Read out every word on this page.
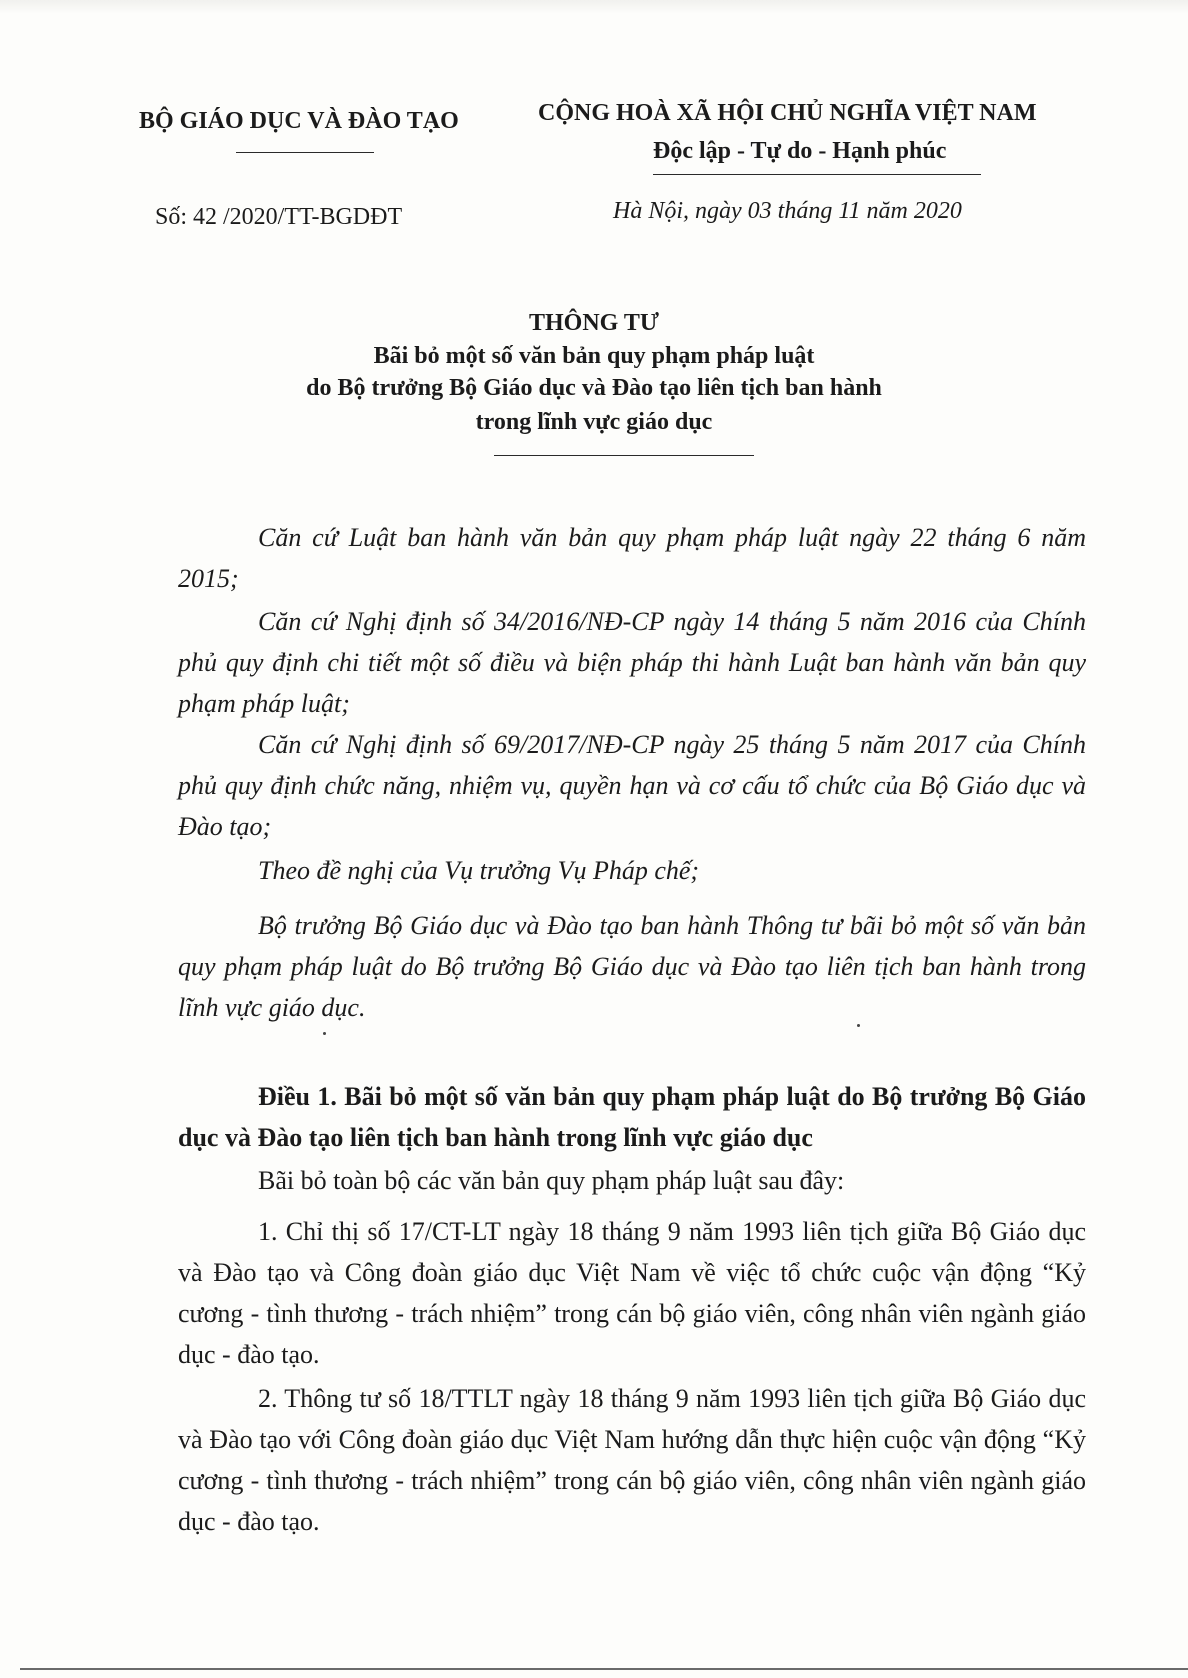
BỘ GIÁO DỤC VÀ ĐÀO TẠO	CỘNG HOÀ XÃ HỘI CHỦ NGHĨA VIỆT NAM
Độc lập - Tự do - Hạnh phúc
Số: 42 /2020/TT-BGDĐT	Hà Nội, ngày 03 tháng 11 năm 2020
THÔNG TƯ
Bãi bỏ một số văn bản quy phạm pháp luật
do Bộ trưởng Bộ Giáo dục và Đào tạo liên tịch ban hành
trong lĩnh vực giáo dục
Căn cứ Luật ban hành văn bản quy phạm pháp luật ngày 22 tháng 6 năm 2015;
Căn cứ Nghị định số 34/2016/NĐ-CP ngày 14 tháng 5 năm 2016 của Chính phủ quy định chi tiết một số điều và biện pháp thi hành Luật ban hành văn bản quy phạm pháp luật;
Căn cứ Nghị định số 69/2017/NĐ-CP ngày 25 tháng 5 năm 2017 của Chính phủ quy định chức năng, nhiệm vụ, quyền hạn và cơ cấu tổ chức của Bộ Giáo dục và Đào tạo;
Theo đề nghị của Vụ trưởng Vụ Pháp chế;
Bộ trưởng Bộ Giáo dục và Đào tạo ban hành Thông tư bãi bỏ một số văn bản quy phạm pháp luật do Bộ trưởng Bộ Giáo dục và Đào tạo liên tịch ban hành trong lĩnh vực giáo dục.
Điều 1. Bãi bỏ một số văn bản quy phạm pháp luật do Bộ trưởng Bộ Giáo dục và Đào tạo liên tịch ban hành trong lĩnh vực giáo dục
Bãi bỏ toàn bộ các văn bản quy phạm pháp luật sau đây:
1. Chỉ thị số 17/CT-LT ngày 18 tháng 9 năm 1993 liên tịch giữa Bộ Giáo dục và Đào tạo và Công đoàn giáo dục Việt Nam về việc tổ chức cuộc vận động “Kỷ cương - tình thương - trách nhiệm” trong cán bộ giáo viên, công nhân viên ngành giáo dục - đào tạo.
2. Thông tư số 18/TTLT ngày 18 tháng 9 năm 1993 liên tịch giữa Bộ Giáo dục và Đào tạo với Công đoàn giáo dục Việt Nam hướng dẫn thực hiện cuộc vận động “Kỷ cương - tình thương - trách nhiệm” trong cán bộ giáo viên, công nhân viên ngành giáo dục - đào tạo.
